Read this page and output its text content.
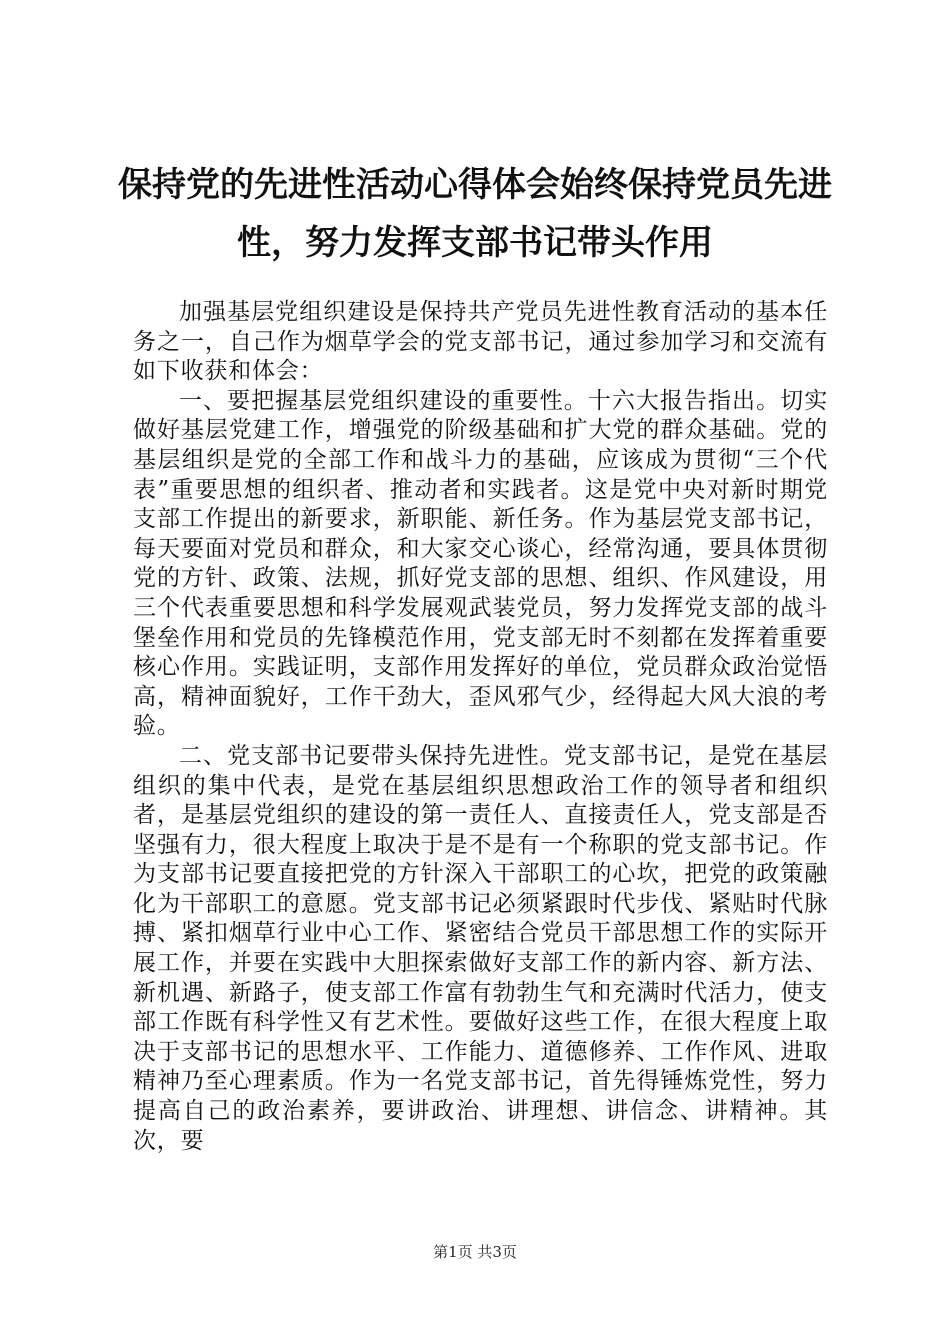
保持党的先进性活动心得体会始终保持党员先进性，努力发挥支部书记带头作用

加强基层党组织建设是保持共产党员先进性教育活动的基本任务之一，自己作为烟草学会的党支部书记，通过参加学习和交流有如下收获和体会：

一、要把握基层党组织建设的重要性。十六大报告指出。切实做好基层党建工作，增强党的阶级基础和扩大党的群众基础。党的基层组织是党的全部工作和战斗力的基础，应该成为贯彻“三个代表”重要思想的组织者、推动者和实践者。这是党中央对新时期党支部工作提出的新要求，新职能、新任务。作为基层党支部书记，每天要面对党员和群众，和大家交心谈心，经常沟通，要具体贯彻党的方针、政策、法规，抓好党支部的思想、组织、作风建设，用三个代表重要思想和科学发展观武装党员，努力发挥党支部的战斗堡垒作用和党员的先锋模范作用，党支部无时不刻都在发挥着重要核心作用。实践证明，支部作用发挥好的单位，党员群众政治觉悟高，精神面貌好，工作干劲大，歪风邪气少，经得起大风大浪的考验。

二、党支部书记要带头保持先进性。党支部书记，是党在基层组织的集中代表，是党在基层组织思想政治工作的领导者和组织者，是基层党组织的建设的第一责任人、直接责任人，党支部是否坚强有力，很大程度上取决于是不是有一个称职的党支部书记。作为支部书记要直接把党的方针深入干部职工的心坎，把党的政策融化为干部职工的意愿。党支部书记必须紧跟时代步伐、紧贴时代脉搏、紧扣烟草行业中心工作、紧密结合党员干部思想工作的实际开展工作，并要在实践中大胆探索做好支部工作的新内容、新方法、新机遇、新路子，使支部工作富有勃勃生气和充满时代活力，使支部工作既有科学性又有艺术性。要做好这些工作，在很大程度上取决于支部书记的思想水平、工作能力、道德修养、工作作风、进取精神乃至心理素质。作为一名党支部书记，首先得锤炼党性，努力提高自己的政治素养，要讲政治、讲理想、讲信念、讲精神。其次，要

第1页 共3页
